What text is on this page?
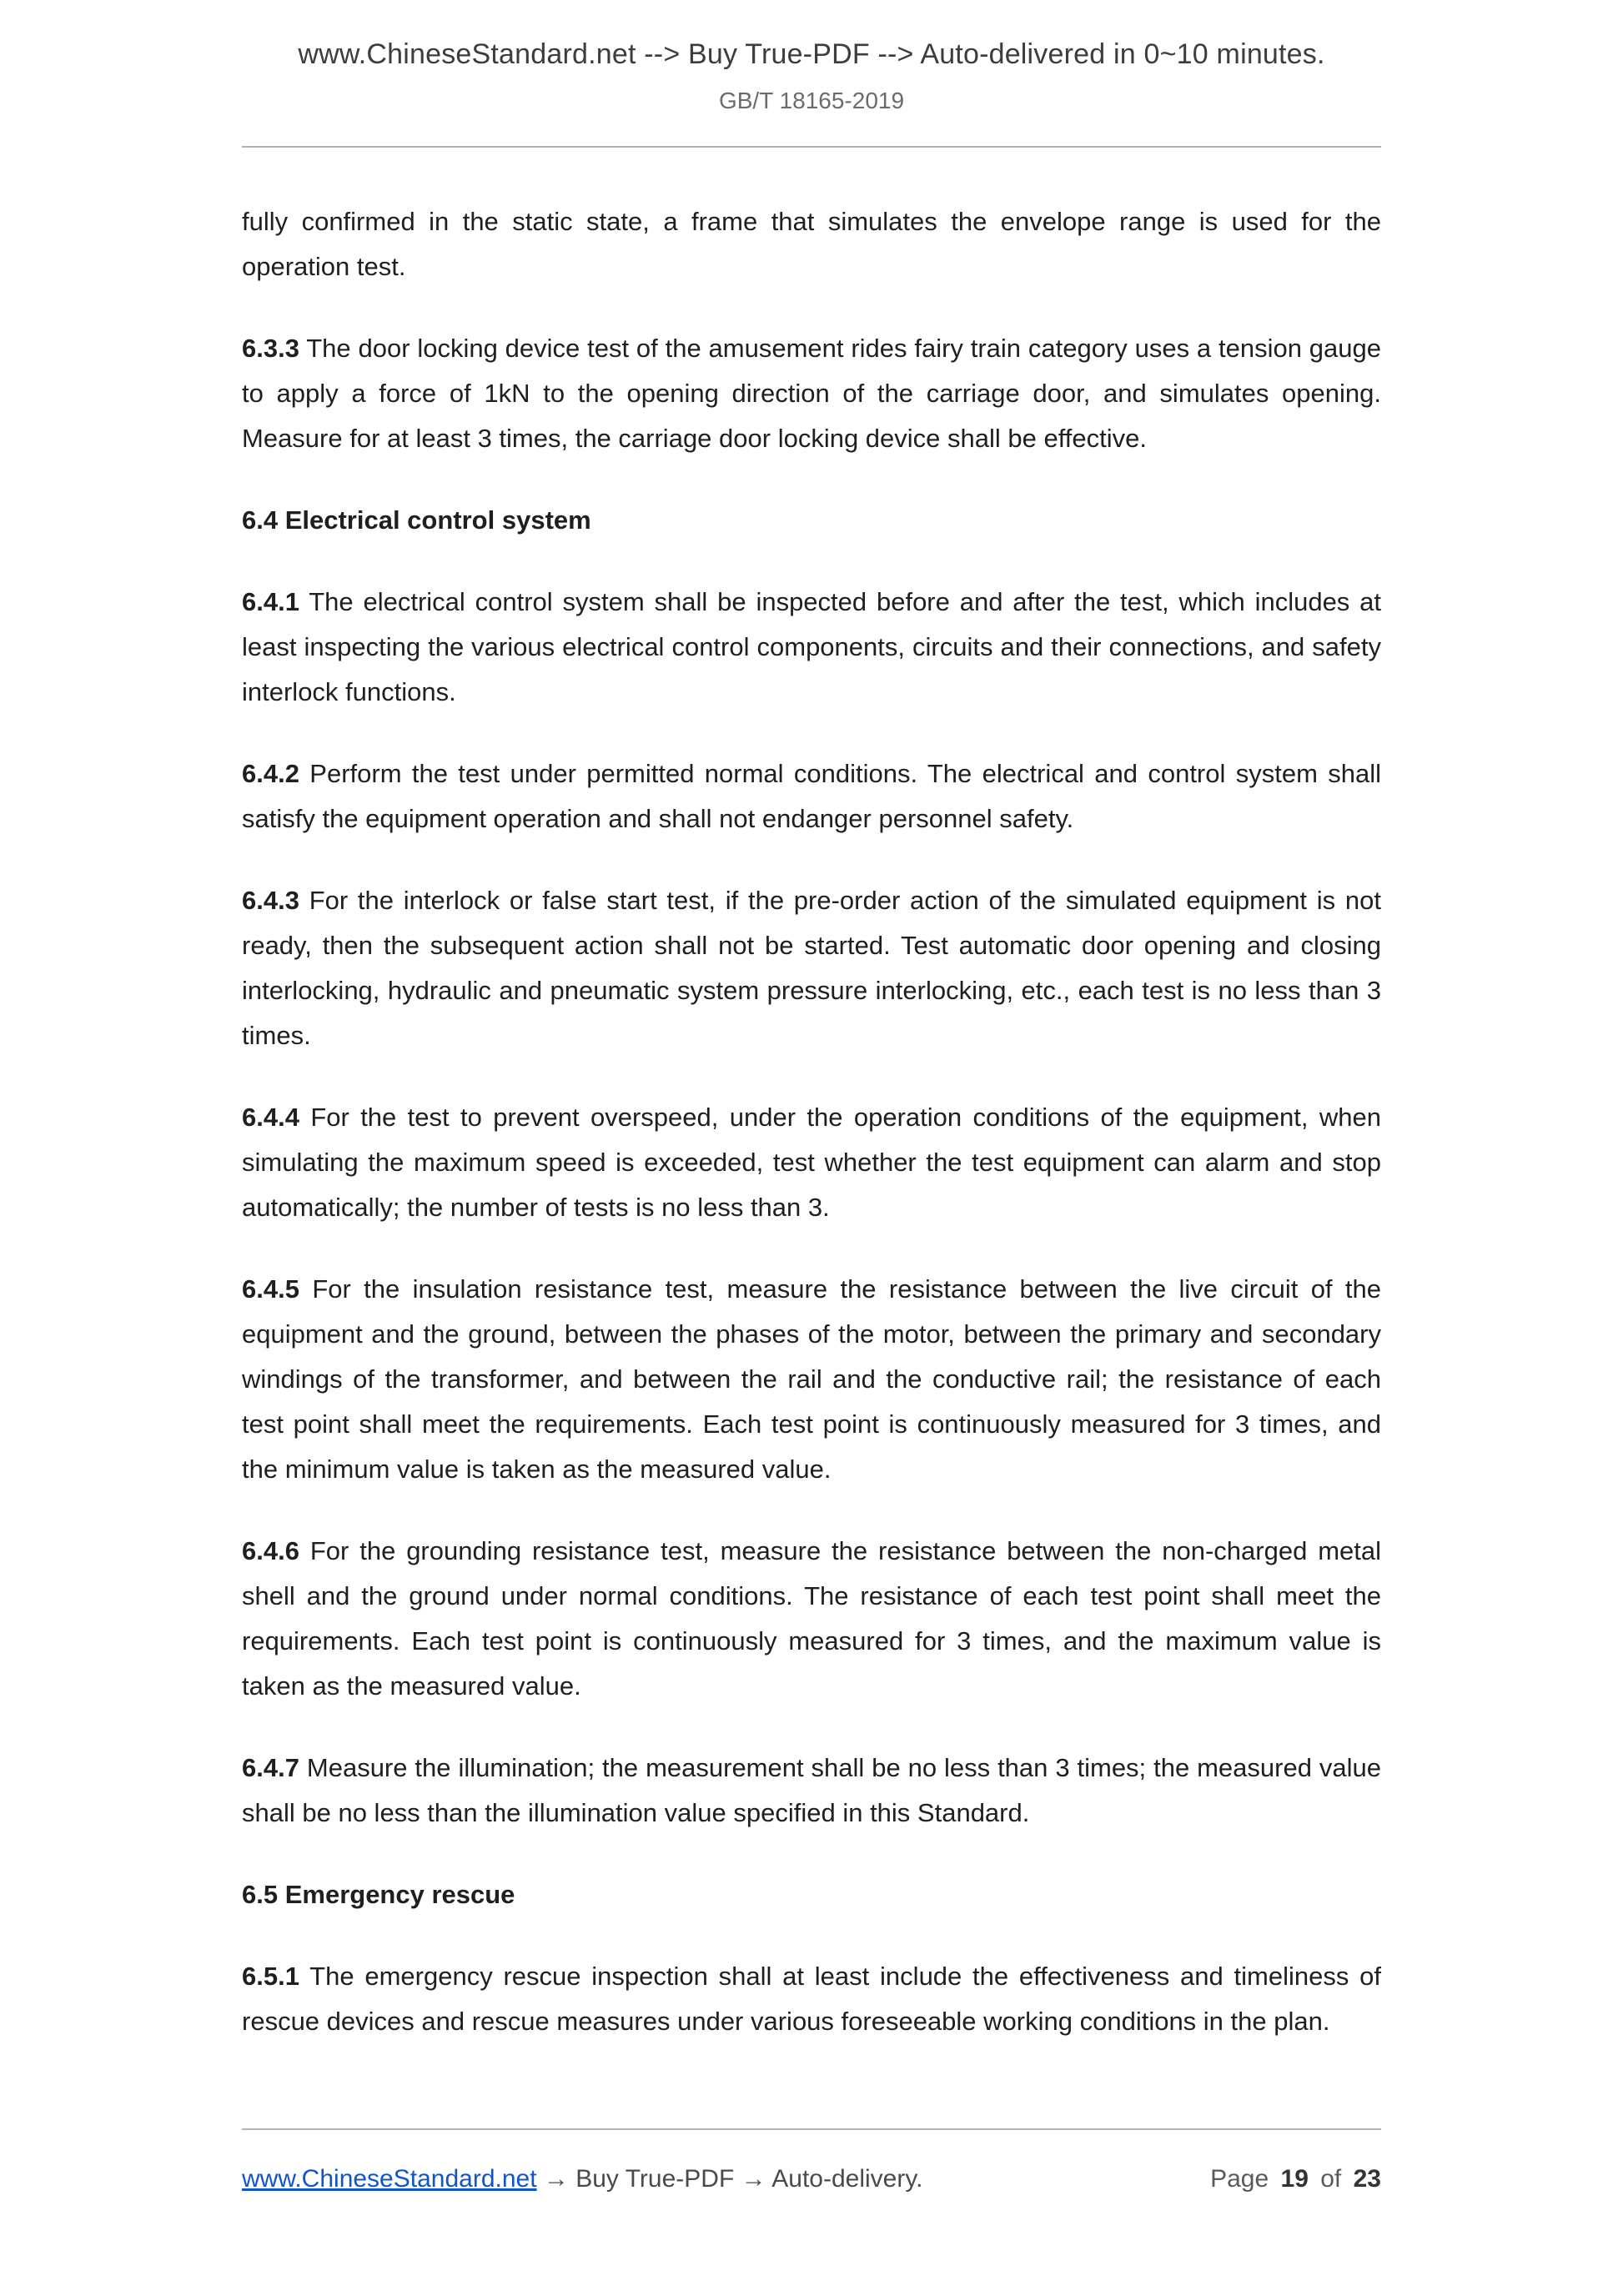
www.ChineseStandard.net --> Buy True-PDF --> Auto-delivered in 0~10 minutes.
GB/T 18165-2019

fully confirmed in the static state, a frame that simulates the envelope range is used for the operation test.

6.3.3 The door locking device test of the amusement rides fairy train category uses a tension gauge to apply a force of 1kN to the opening direction of the carriage door, and simulates opening. Measure for at least 3 times, the carriage door locking device shall be effective.

6.4 Electrical control system

6.4.1 The electrical control system shall be inspected before and after the test, which includes at least inspecting the various electrical control components, circuits and their connections, and safety interlock functions.

6.4.2 Perform the test under permitted normal conditions. The electrical and control system shall satisfy the equipment operation and shall not endanger personnel safety.

6.4.3 For the interlock or false start test, if the pre-order action of the simulated equipment is not ready, then the subsequent action shall not be started. Test automatic door opening and closing interlocking, hydraulic and pneumatic system pressure interlocking, etc., each test is no less than 3 times.

6.4.4 For the test to prevent overspeed, under the operation conditions of the equipment, when simulating the maximum speed is exceeded, test whether the test equipment can alarm and stop automatically; the number of tests is no less than 3.

6.4.5 For the insulation resistance test, measure the resistance between the live circuit of the equipment and the ground, between the phases of the motor, between the primary and secondary windings of the transformer, and between the rail and the conductive rail; the resistance of each test point shall meet the requirements. Each test point is continuously measured for 3 times, and the minimum value is taken as the measured value.

6.4.6 For the grounding resistance test, measure the resistance between the non-charged metal shell and the ground under normal conditions. The resistance of each test point shall meet the requirements. Each test point is continuously measured for 3 times, and the maximum value is taken as the measured value.

6.4.7 Measure the illumination; the measurement shall be no less than 3 times; the measured value shall be no less than the illumination value specified in this Standard.

6.5 Emergency rescue

6.5.1 The emergency rescue inspection shall at least include the effectiveness and timeliness of rescue devices and rescue measures under various foreseeable working conditions in the plan.

www.ChineseStandard.net → Buy True-PDF → Auto-delivery.	Page 19 of 23
